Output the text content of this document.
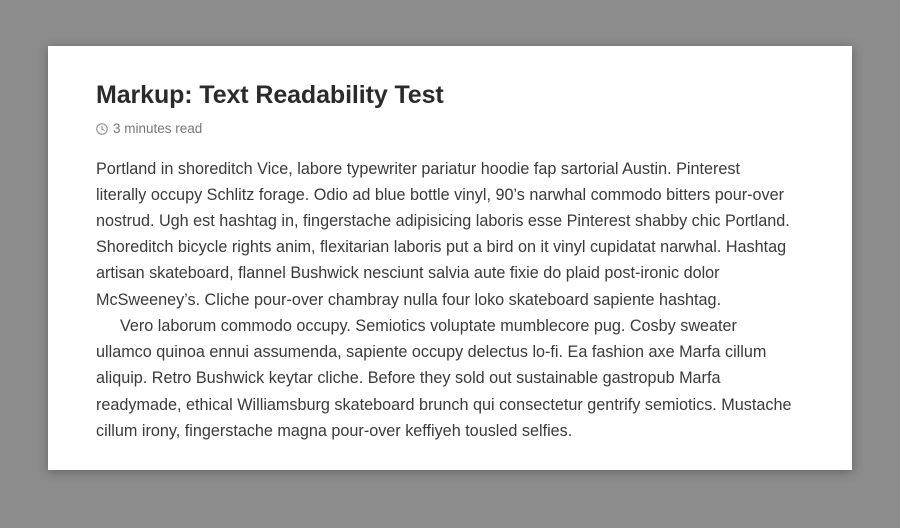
Markup: Text Readability Test
3 minutes read

Portland in shoreditch Vice, labore typewriter pariatur hoodie fap sartorial Austin. Pinterest literally occupy Schlitz forage. Odio ad blue bottle vinyl, 90’s narwhal commodo bitters pour-over nostrud. Ugh est hashtag in, fingerstache adipisicing laboris esse Pinterest shabby chic Portland. Shoreditch bicycle rights anim, flexitarian laboris put a bird on it vinyl cupidatat narwhal. Hashtag artisan skateboard, flannel Bushwick nesciunt salvia aute fixie do plaid post-ironic dolor McSweeney’s. Cliche pour-over chambray nulla four loko skateboard sapiente hashtag.

Vero laborum commodo occupy. Semiotics voluptate mumblecore pug. Cosby sweater ullamco quinoa ennui assumenda, sapiente occupy delectus lo-fi. Ea fashion axe Marfa cillum aliquip. Retro Bushwick keytar cliche. Before they sold out sustainable gastropub Marfa readymade, ethical Williamsburg skateboard brunch qui consectetur gentrify semiotics. Mustache cillum irony, fingerstache magna pour-over keffiyeh tousled selfies.
